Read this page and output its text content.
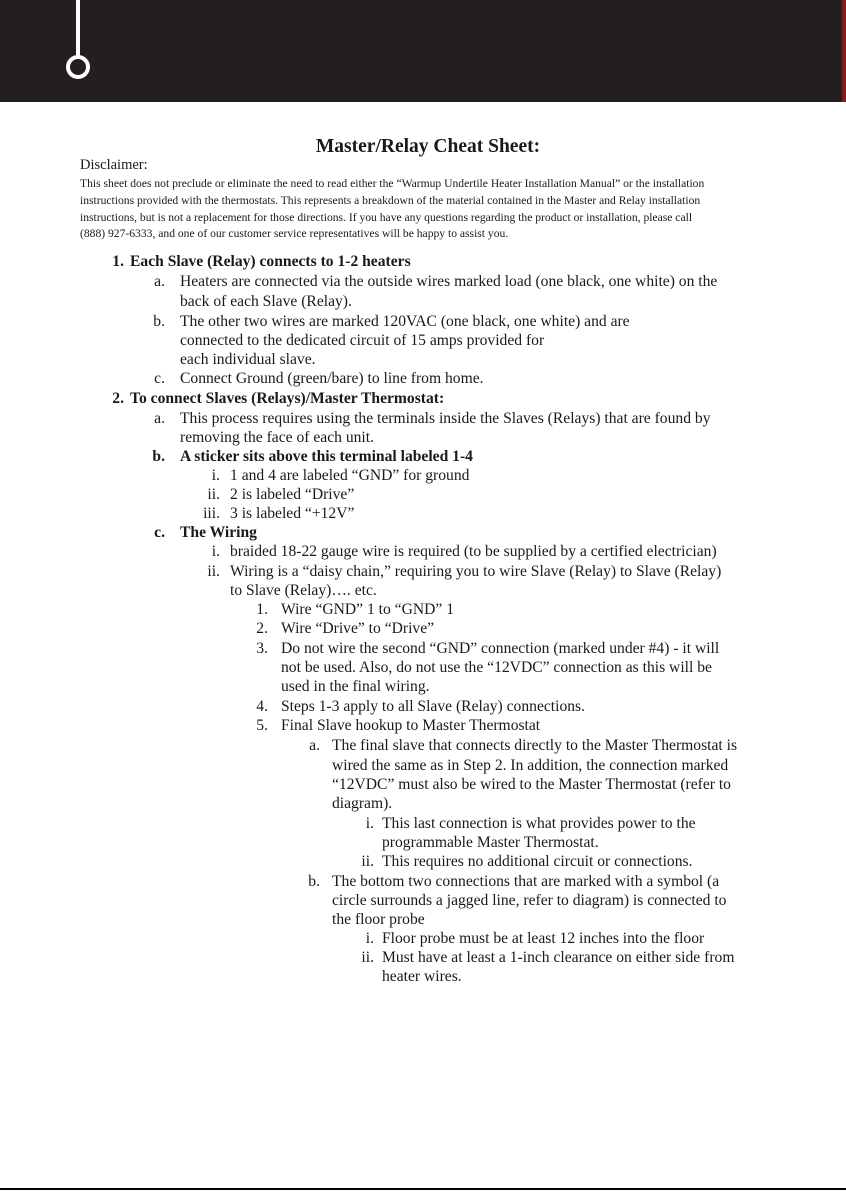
Master/Relay Cheat Sheet:
Disclaimer:
This sheet does not preclude or eliminate the need to read either the “Warmup Undertile Heater Installation Manual” or the installation
instructions provided with the thermostats. This represents a breakdown of the material contained in the Master and Relay installation
instructions, but is not a replacement for those directions. If you have any questions regarding the product or installation, please call
(888) 927-6333, and one of our customer service representatives will be happy to assist you.
1. Each Slave (Relay) connects to 1-2 heaters
a. Heaters are connected via the outside wires marked load (one black, one white) on the
back of each Slave (Relay).
b. The other two wires are marked 120VAC (one black, one white) and are
connected to the dedicated circuit of 15 amps provided for
each individual slave.
c. Connect Ground (green/bare) to line from home.
2. To connect Slaves (Relays)/Master Thermostat:
a. This process requires using the terminals inside the Slaves (Relays) that are found by
removing the face of each unit.
b. A sticker sits above this terminal labeled 1-4
i. 1 and 4 are labeled “GND” for ground
ii. 2 is labeled “Drive”
iii. 3 is labeled “+12V”
c. The Wiring
i. braided 18-22 gauge wire is required (to be supplied by a certified electrician)
ii. Wiring is a “daisy chain,” requiring you to wire Slave (Relay) to Slave (Relay)
to Slave (Relay)…. etc.
1. Wire “GND” 1 to “GND” 1
2. Wire “Drive” to “Drive”
3. Do not wire the second “GND” connection (marked under #4) - it will
not be used. Also, do not use the “12VDC” connection as this will be
used in the final wiring.
4. Steps 1-3 apply to all Slave (Relay) connections.
5. Final Slave hookup to Master Thermostat
a. The final slave that connects directly to the Master Thermostat is
wired the same as in Step 2. In addition, the connection marked
“12VDC” must also be wired to the Master Thermostat (refer to
diagram).
i. This last connection is what provides power to the
programmable Master Thermostat.
ii. This requires no additional circuit or connections.
b. The bottom two connections that are marked with a symbol (a
circle surrounds a jagged line, refer to diagram) is connected to
the floor probe
i. Floor probe must be at least 12 inches into the floor
ii. Must have at least a 1-inch clearance on either side from
heater wires.
